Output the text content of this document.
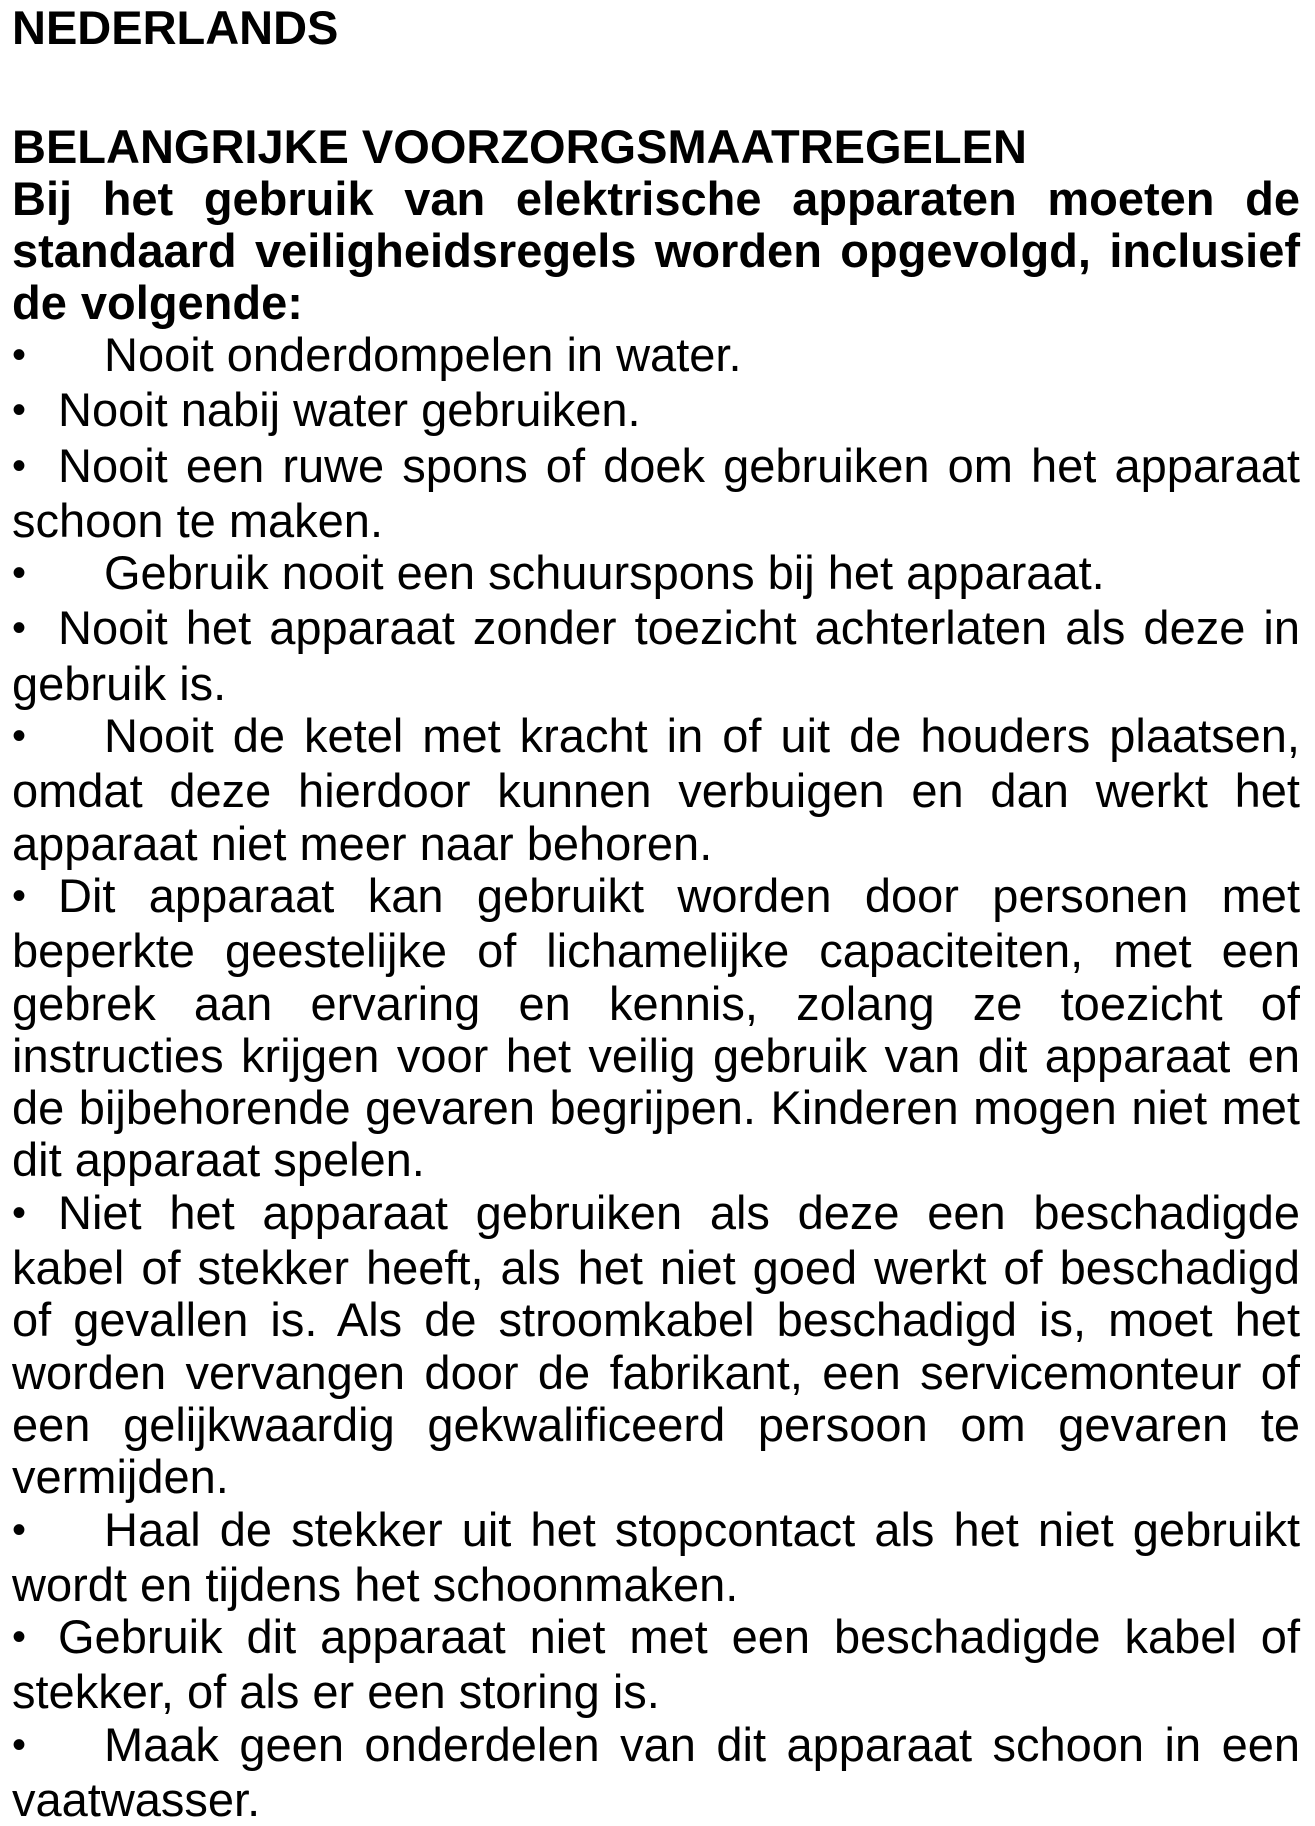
NEDERLANDS
BELANGRIJKE VOORZORGSMAATREGELEN

Bij het gebruik van elektrische apparaten moeten de standaard veiligheidsregels worden opgevolgd, inclusief de volgende:

• Nooit onderdompelen in water.
• Nooit nabij water gebruiken.
• Nooit een ruwe spons of doek gebruiken om het apparaat schoon te maken.
• Gebruik nooit een schuurspons bij het apparaat.
• Nooit het apparaat zonder toezicht achterlaten als deze in gebruik is.
• Nooit de ketel met kracht in of uit de houders plaatsen, omdat deze hierdoor kunnen verbuigen en dan werkt het apparaat niet meer naar behoren.
• Dit apparaat kan gebruikt worden door personen met beperkte geestelijke of lichamelijke capaciteiten, met een gebrek aan ervaring en kennis, zolang ze toezicht of instructies krijgen voor het veilig gebruik van dit apparaat en de bijbehorende gevaren begrijpen. Kinderen mogen niet met dit apparaat spelen.
• Niet het apparaat gebruiken als deze een beschadigde kabel of stekker heeft, als het niet goed werkt of beschadigd of gevallen is. Als de stroomkabel beschadigd is, moet het worden vervangen door de fabrikant, een servicemonteur of een gelijkwaardig gekwalificeerd persoon om gevaren te vermijden.
• Haal de stekker uit het stopcontact als het niet gebruikt wordt en tijdens het schoonmaken.
• Gebruik dit apparaat niet met een beschadigde kabel of stekker, of als er een storing is.
• Maak geen onderdelen van dit apparaat schoon in een vaatwasser.
